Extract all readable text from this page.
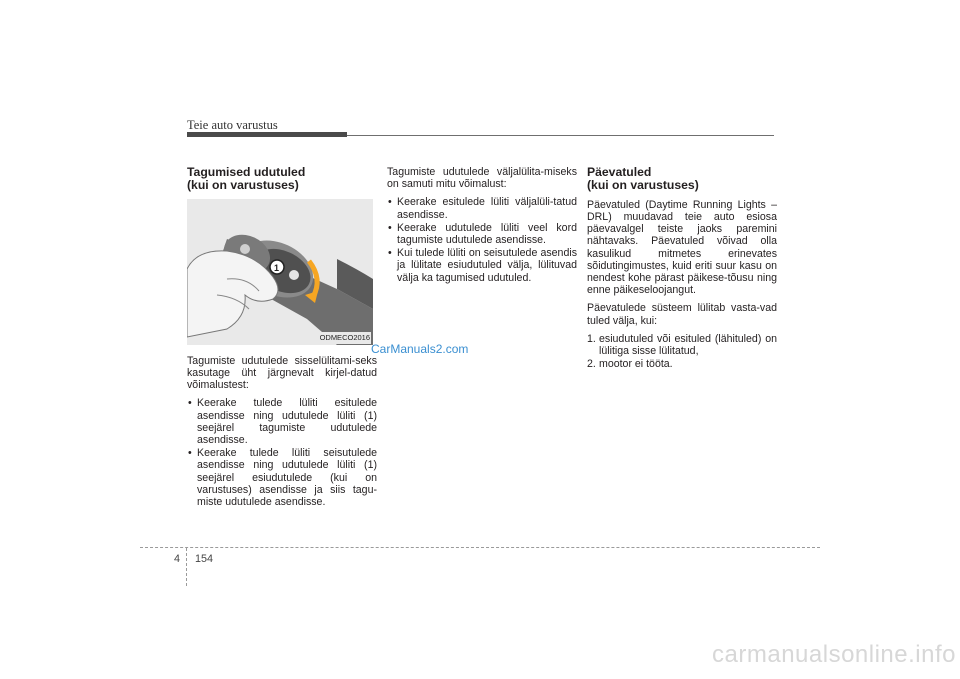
Teie auto varustus
Tagumised udutuled
(kui on varustuses)
1
ODMECO2016

Tagumiste udutulede sisselülitami-seks kasutage üht järgnevalt kirjel-datud võimalustest:

• Keerake tulede lüliti esitulede asendisse ning udutulede lüliti (1) seejärel tagumiste udutulede asendisse.
• Keerake tulede lüliti seisutulede asendisse ning udutulede lüliti (1) seejärel esiudutulede (kui on varustuses) asendisse ja siis tagu-miste udutulede asendisse.

Tagumiste udutulede väljalülita-miseks on samuti mitu võimalust:

• Keerake esitulede lüliti väljalüli-tatud asendisse.
• Keerake udutulede lüliti veel kord tagumiste udutulede asendisse.
• Kui tulede lüliti on seisutulede asendis ja lülitate esiudutuled välja, lülituvad välja ka tagumised udutuled.
Päevatuled
(kui on varustuses)

Päevatuled (Daytime Running Lights – DRL) muudavad teie auto esiosa päevavalgel teiste jaoks paremini nähtavaks. Päevatuled võivad olla kasulikud mitmetes erinevates sõidutingimustes, kuid eriti suur kasu on nendest kohe pärast päikese-tõusu ning enne päikeseloojangut.

Päevatulede süsteem lülitab vasta-vad tuled välja, kui:

1. esiudutuled või esituled (lähituled) on lülitiga sisse lülitatud,
2. mootor ei tööta.
CarManuals2.com
4 154
carmanualsonline.info
